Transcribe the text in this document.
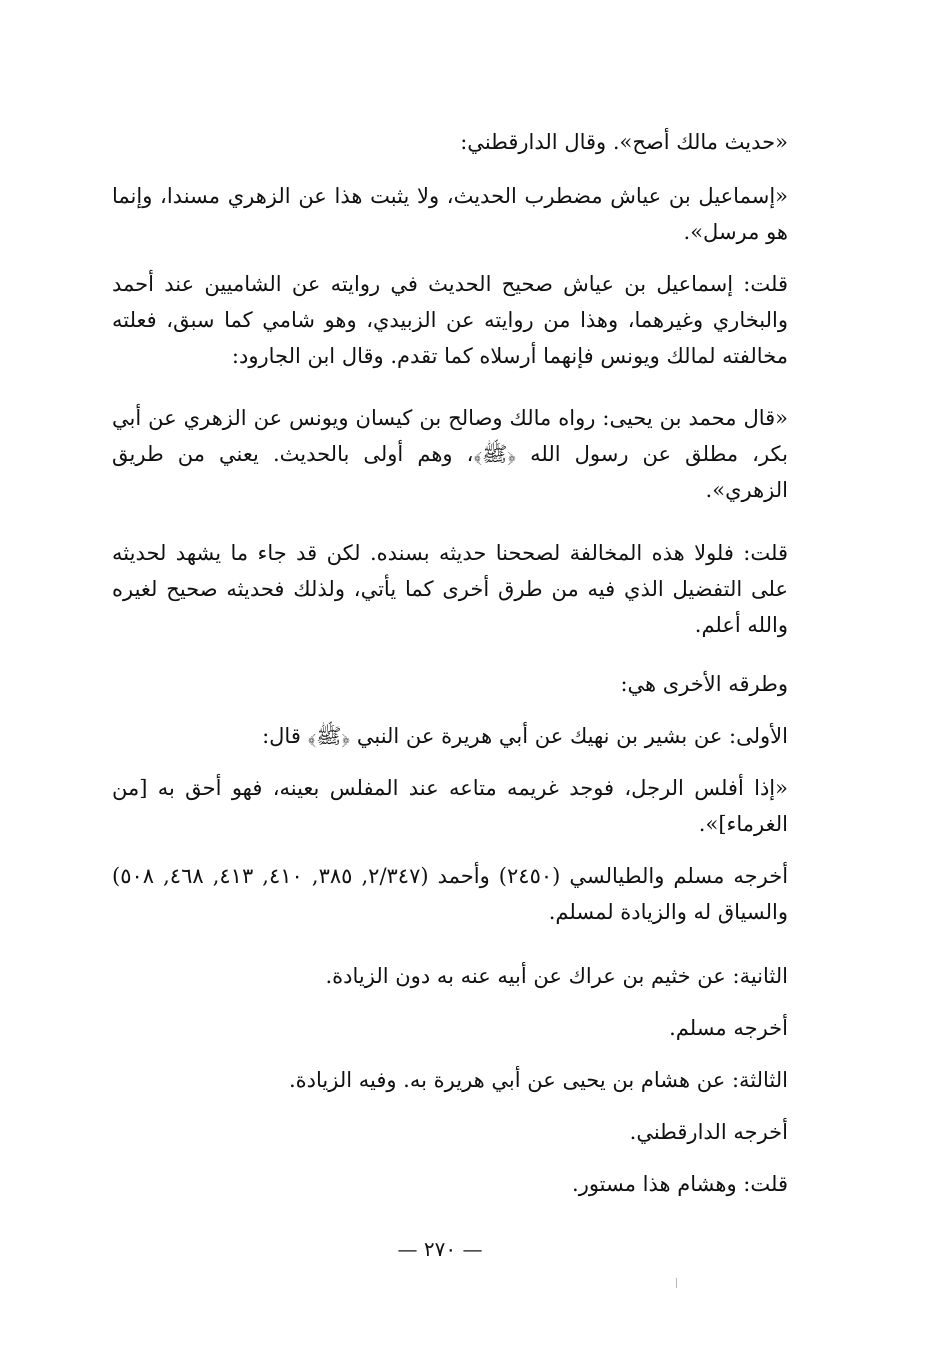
«حديث مالك أصح». وقال الدارقطني:
«إسماعيل بن عياش مضطرب الحديث، ولا يثبت هذا عن الزهري مسندا، وإنما هو مرسل».
قلت: إسماعيل بن عياش صحيح الحديث في روايته عن الشاميين عند أحمد والبخاري وغيرهما، وهذا من روايته عن الزبيدي، وهو شامي كما سبق، فعلته مخالفته لمالك ويونس فإنهما أرسلاه كما تقدم. وقال ابن الجارود:
«قال محمد بن يحيى: رواه مالك وصالح بن كيسان ويونس عن الزهري عن أبي بكر، مطلق عن رسول الله ﴿ﷺ﴾، وهم أولى بالحديث. يعني من طريق الزهري».
قلت: فلولا هذه المخالفة لصححنا حديثه بسنده. لكن قد جاء ما يشهد لحديثه على التفضيل الذي فيه من طرق أخرى كما يأتي، ولذلك فحديثه صحيح لغيره والله أعلم.
وطرقه الأخرى هي:
الأولى: عن بشير بن نهيك عن أبي هريرة عن النبي ﴿ﷺ﴾ قال:
«إذا أفلس الرجل، فوجد غريمه متاعه عند المفلس بعينه، فهو أحق به [من الغرماء]».
أخرجه مسلم والطيالسي (٢٤٥٠) وأحمد (٢/٣٤٧, ٣٨٥, ٤١٠, ٤١٣, ٤٦٨, ٥٠٨) والسياق له والزيادة لمسلم.
الثانية: عن خثيم بن عراك عن أبيه عنه به دون الزيادة.
أخرجه مسلم.
الثالثة: عن هشام بن يحيى عن أبي هريرة به. وفيه الزيادة.
أخرجه الدارقطني.
قلت: وهشام هذا مستور.
— ٢٧٠ —
